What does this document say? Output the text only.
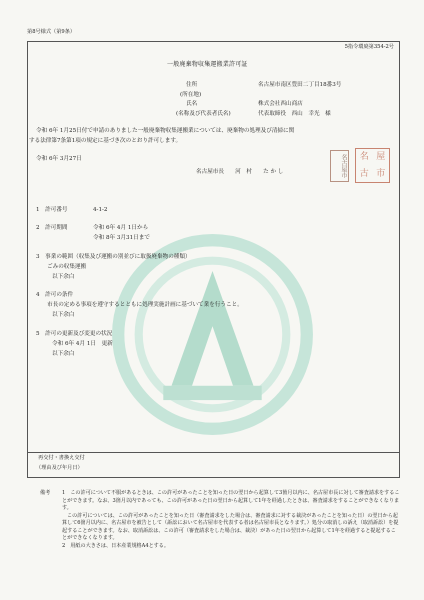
第8号様式（第9条）
5指令環廃第354-2号
一般廃棄物収集運搬業許可証
住所	名古屋市南区豊田二丁目18番3号
(所在地)
氏名	株式会社西山商店
(名称及び代表者氏名)	代表取締役　西山　幸光　様
令和 6年 1月25日付で申請のありました一般廃棄物収集運搬業については、廃棄物の処理及び清掃に関
する法律第7条第1項の規定に基づき次のとおり許可します。
令和 6年 3月27日
名古屋市長　　河　村　　た か し	名古屋市	名 屋
古 市
1　許可番号	4-1-2
2　許可期間	令和 6年 4月 1日から
令和 8年 3月31日まで
3　事業の範囲（収集及び運搬の別並びに取扱廃棄物の種類）
ごみの収集運搬
以下余白
4　許可の条件
市長の定める事項を遵守するとともに処理実施計画に基づいて業を行うこと。
以下余白
5　許可の更新及び変更の状況
令和 6年 4月 1日　更新
以下余白
再交付・書換え交付
（理由及び年月日）
備考	1　この許可について不服があるときは、この許可があったことを知った日の翌日から起算して3箇月以内に、名古屋市長に対して審査請求をすることができます。なお、3箇月以内であっても、この許可があった日の翌日から起算して1年を経過したときは、審査請求をすることができなくなります。
この許可については、この許可があったことを知った日（審査請求をした場合は、審査請求に対する裁決があったことを知った日）の翌日から起算して6箇月以内に、名古屋市を被告として（訴訟において名古屋市を代表する者は名古屋市長となります。）処分の取消しの訴え（取消訴訟）を提起することができます。なお、取消訴訟は、この許可（審査請求をした場合は、裁決）があった日の翌日から起算して1年を経過すると提起することができなくなります。
2　用紙の大きさは、日本産業規格A4とする。
